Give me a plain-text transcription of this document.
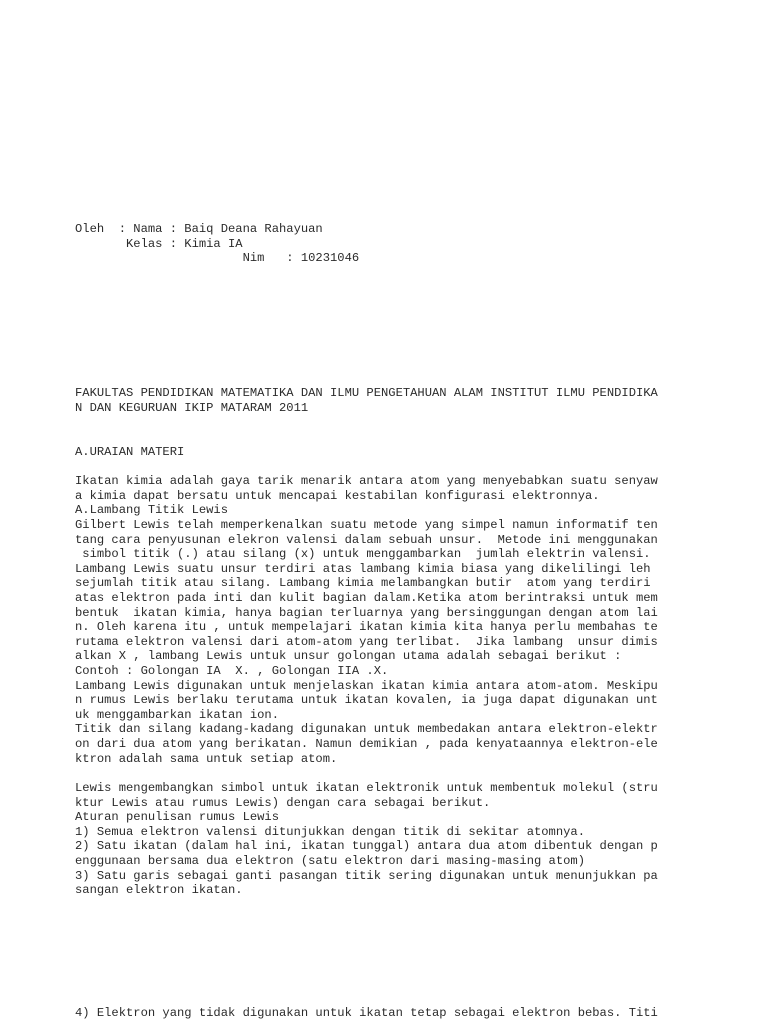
Oleh  : Nama : Baiq Deana Rahayuan

Kelas : Kimia IA

Nim   : 10231046

FAKULTAS PENDIDIKAN MATEMATIKA DAN ILMU PENGETAHUAN ALAM INSTITUT ILMU PENDIDIKA

N DAN KEGURUAN IKIP MATARAM 2011

A.URAIAN MATERI

Ikatan kimia adalah gaya tarik menarik antara atom yang menyebabkan suatu senyaw

a kimia dapat bersatu untuk mencapai kestabilan konfigurasi elektronnya.

A.Lambang Titik Lewis

Gilbert Lewis telah memperkenalkan suatu metode yang simpel namun informatif ten

tang cara penyusunan elekron valensi dalam sebuah unsur.  Metode ini menggunakan

simbol titik (.) atau silang (x) untuk menggambarkan  jumlah elektrin valensi.

Lambang Lewis suatu unsur terdiri atas lambang kimia biasa yang dikelilingi leh

sejumlah titik atau silang. Lambang kimia melambangkan butir  atom yang terdiri

atas elektron pada inti dan kulit bagian dalam.Ketika atom berintraksi untuk mem

bentuk  ikatan kimia, hanya bagian terluarnya yang bersinggungan dengan atom lai

n. Oleh karena itu , untuk mempelajari ikatan kimia kita hanya perlu membahas te

rutama elektron valensi dari atom-atom yang terlibat.  Jika lambang  unsur dimis

alkan X , lambang Lewis untuk unsur golongan utama adalah sebagai berikut :

Contoh : Golongan IA  X. , Golongan IIA .X.

Lambang Lewis digunakan untuk menjelaskan ikatan kimia antara atom-atom. Meskipu

n rumus Lewis berlaku terutama untuk ikatan kovalen, ia juga dapat digunakan unt

uk menggambarkan ikatan ion.

Titik dan silang kadang-kadang digunakan untuk membedakan antara elektron-elektr

on dari dua atom yang berikatan. Namun demikian , pada kenyataannya elektron-ele

ktron adalah sama untuk setiap atom.

Lewis mengembangkan simbol untuk ikatan elektronik untuk membentuk molekul (stru

ktur Lewis atau rumus Lewis) dengan cara sebagai berikut.

Aturan penulisan rumus Lewis

1) Semua elektron valensi ditunjukkan dengan titik di sekitar atomnya.

2) Satu ikatan (dalam hal ini, ikatan tunggal) antara dua atom dibentuk dengan p

enggunaan bersama dua elektron (satu elektron dari masing-masing atom)

3) Satu garis sebagai ganti pasangan titik sering digunakan untuk menunjukkan pa

sangan elektron ikatan.

4) Elektron yang tidak digunakan untuk ikatan tetap sebagai elektron bebas. Titi
